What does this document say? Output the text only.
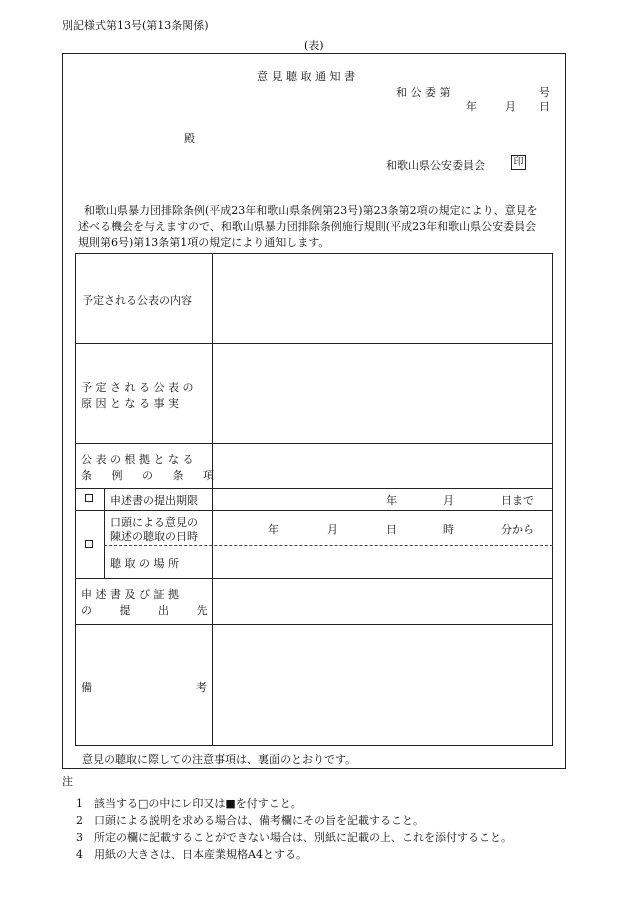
別記様式第13号(第13条関係)
(表)
意 見 聴 取 通 知 書
和 公 委 第	号
年	月 日
殿
和歌山県公安委員会	印

和歌山県暴力団排除条例(平成23年和歌山県条例第23号)第23条第2項の規定により、意見を

述べる機会を与えますので、和歌山県暴力団排除条例施行規則(平成23年和歌山県公安委員会

規則第6号)第13条第1項の規定により通知します。

予定される公表の内容
予 定 さ れ る 公 表 の
原 因 と な る 事 実
公 表 の 根 拠 と な る
条 例 の 条 項
申述書の提出期限	年	月	日まで
口頭による意見の
陳述の聴取の日時
年	月	日	時	分から
聴 取 の 場 所
申 述 書 及 び 証 拠
の 提 出 先
備	考
意見の聴取に際しての注意事項は、裏面のとおりです。
注
1　該当する□の中にレ印又は■を付すこと。
2　口頭による説明を求める場合は、備考欄にその旨を記載すること。
3　所定の欄に記載することができない場合は、別紙に記載の上、これを添付すること。
4　用紙の大きさは、日本産業規格A4とする。
